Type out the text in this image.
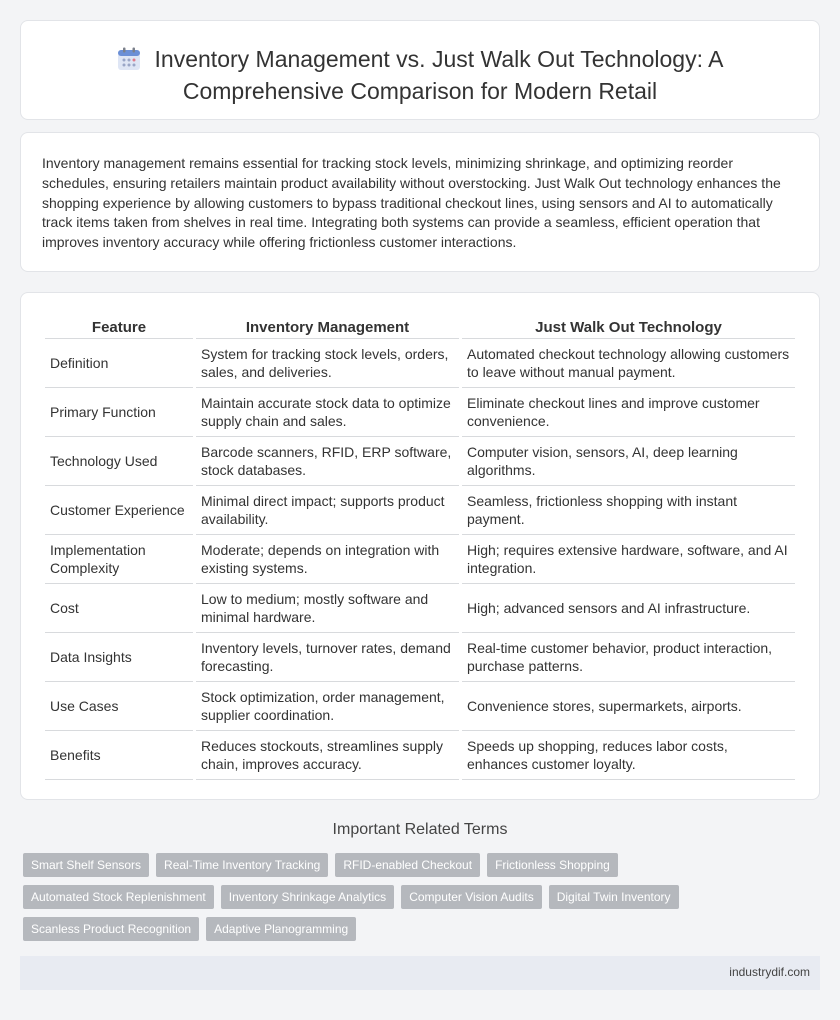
Inventory Management vs. Just Walk Out Technology: A
Comprehensive Comparison for Modern Retail

Inventory management remains essential for tracking stock levels, minimizing shrinkage, and optimizing reorder schedules, ensuring retailers maintain product availability without overstocking. Just Walk Out technology enhances the shopping experience by allowing customers to bypass traditional checkout lines, using sensors and AI to automatically track items taken from shelves in real time. Integrating both systems can provide a seamless, efficient operation that improves inventory accuracy while offering frictionless customer interactions.

Feature	Inventory Management	Just Walk Out Technology
Definition	System for tracking stock levels, orders, sales, and deliveries.	Automated checkout technology allowing customers to leave without manual payment.
Primary Function	Maintain accurate stock data to optimize supply chain and sales.	Eliminate checkout lines and improve customer convenience.
Technology Used	Barcode scanners, RFID, ERP software, stock databases.	Computer vision, sensors, AI, deep learning algorithms.
Customer Experience	Minimal direct impact; supports product availability.	Seamless, frictionless shopping with instant payment.
Implementation Complexity	Moderate; depends on integration with existing systems.	High; requires extensive hardware, software, and AI integration.
Cost	Low to medium; mostly software and minimal hardware.	High; advanced sensors and AI infrastructure.
Data Insights	Inventory levels, turnover rates, demand forecasting.	Real-time customer behavior, product interaction, purchase patterns.
Use Cases	Stock optimization, order management, supplier coordination.	Convenience stores, supermarkets, airports.
Benefits	Reduces stockouts, streamlines supply chain, improves accuracy.	Speeds up shopping, reduces labor costs, enhances customer loyalty.
Important Related Terms
Smart Shelf Sensors	Real-Time Inventory Tracking	RFID-enabled Checkout	Frictionless Shopping
Automated Stock Replenishment	Inventory Shrinkage Analytics	Computer Vision Audits	Digital Twin Inventory
Scanless Product Recognition	Adaptive Planogramming
industrydif.com
